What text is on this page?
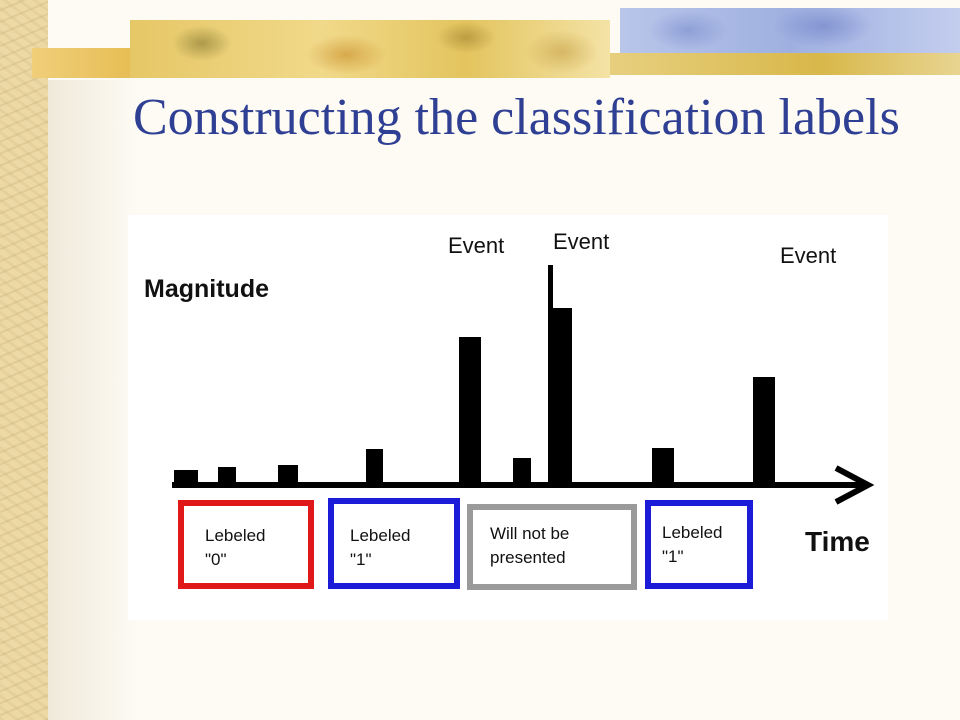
Constructing the classification labels
Magnitude
Event Event
Event
Lebeled
"0"
Lebeled
"1"
Will not be
presented
Lebeled
"1"	Time
